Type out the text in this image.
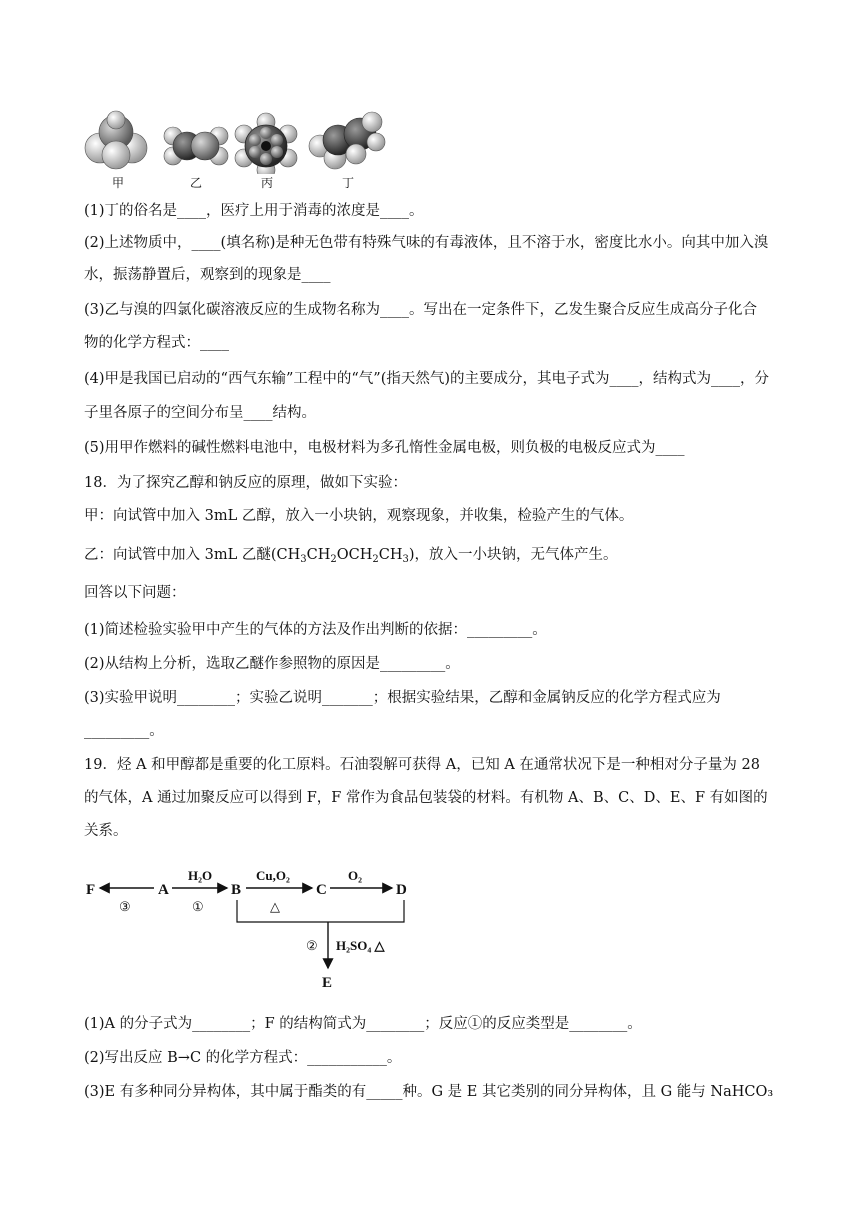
甲	乙	丙	丁
(1)丁的俗名是____，医疗上用于消毒的浓度是____。
(2)上述物质中，____(填名称)是种无色带有特殊气味的有毒液体，且不溶于水，密度比水小。向其中加入溴
水，振荡静置后，观察到的现象是____
(3)乙与溴的四氯化碳溶液反应的生成物名称为____。写出在一定条件下，乙发生聚合反应生成高分子化合
物的化学方程式：____
(4)甲是我国已启动的“西气东输”工程中的“气”(指天然气)的主要成分，其电子式为____，结构式为____，分
子里各原子的空间分布呈____结构。
(5)用甲作燃料的碱性燃料电池中，电极材料为多孔惰性金属电极，则负极的电极反应式为____
18．为了探究乙醇和钠反应的原理，做如下实验：
甲：向试管中加入 3mL 乙醇，放入一小块钠，观察现象，并收集，检验产生的气体。
乙：向试管中加入 3mL 乙醚$(CH_3CH_2OCH_2CH_3)$，放入一小块钠，无气体产生。
回答以下问题：
(1)简述检验实验甲中产生的气体的方法及作出判断的依据：_________。
(2)从结构上分析，选取乙醚作参照物的原因是_________。
(3)实验甲说明________；实验乙说明_______；根据实验结果，乙醇和金属钠反应的化学方程式应为
_________。
19．烃 A 和甲醇都是重要的化工原料。石油裂解可获得 A，已知 A 在通常状况下是一种相对分子量为 28
的气体，A 通过加聚反应可以得到 F，F 常作为食品包装袋的材料。有机物 A、B、C、D、E、F 有如图的
关系。
F	A	B	C	D
E
③	①
②
H₂O	Cu,O₂
△
O₂
H₂SO₄ △
(1)A 的分子式为________；F 的结构简式为________；反应①的反应类型是________。
(2)写出反应 B→C 的化学方程式：___________。
(3)E 有多种同分异构体，其中属于酯类的有_____种。G 是 E 其它类别的同分异构体，且 G 能与 NaHCO₃
